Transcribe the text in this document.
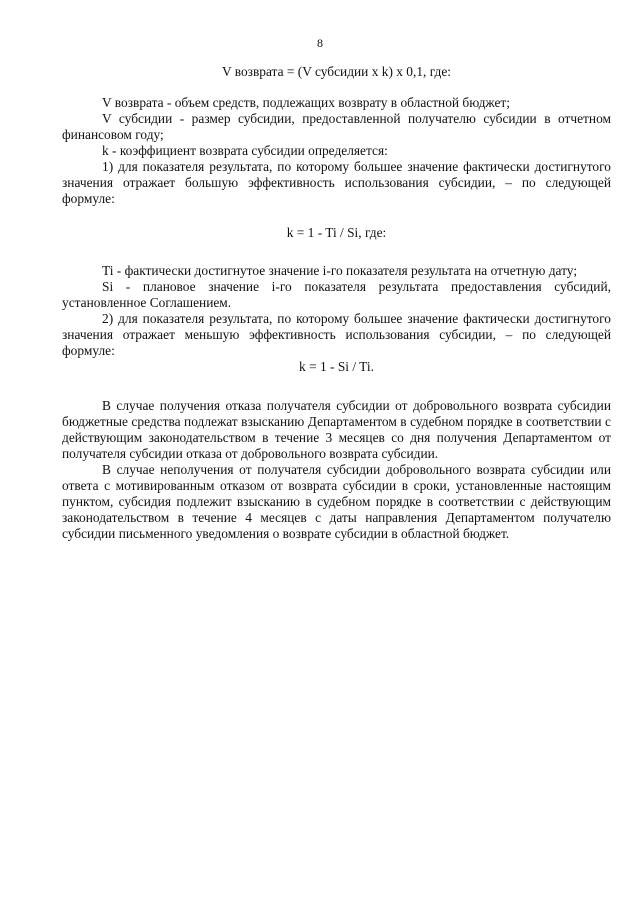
8

V возврата = (V субсидии x k) x 0,1, где:

V возврата - объем средств, подлежащих возврату в областной бюджет;

V субсидии - размер субсидии, предоставленной получателю субсидии в отчетном финансовом году;

k - коэффициент возврата субсидии определяется:

1) для показателя результата, по которому большее значение фактически достигнутого значения отражает большую эффективность использования субсидии, – по следующей формуле:

k = 1 - Ti / Si, где:

Ti - фактически достигнутое значение i-го показателя результата на отчетную дату;

Si - плановое значение i-го показателя результата предоставления субсидий, установленное Соглашением.

2) для показателя результата, по которому большее значение фактически достигнутого значения отражает меньшую эффективность использования субсидии, – по следующей формуле:

k = 1 - Si / Ti.

В случае получения отказа получателя субсидии от добровольного возврата субсидии бюджетные средства подлежат взысканию Департаментом в судебном порядке в соответствии с действующим законодательством в течение 3 месяцев со дня получения Департаментом от получателя субсидии отказа от добровольного возврата субсидии.

В случае неполучения от получателя субсидии добровольного возврата субсидии или ответа с мотивированным отказом от возврата субсидии в сроки, установленные настоящим пунктом, субсидия подлежит взысканию в судебном порядке в соответствии с действующим законодательством в течение 4 месяцев с даты направления Департаментом получателю субсидии письменного уведомления о возврате субсидии в областной бюджет.
